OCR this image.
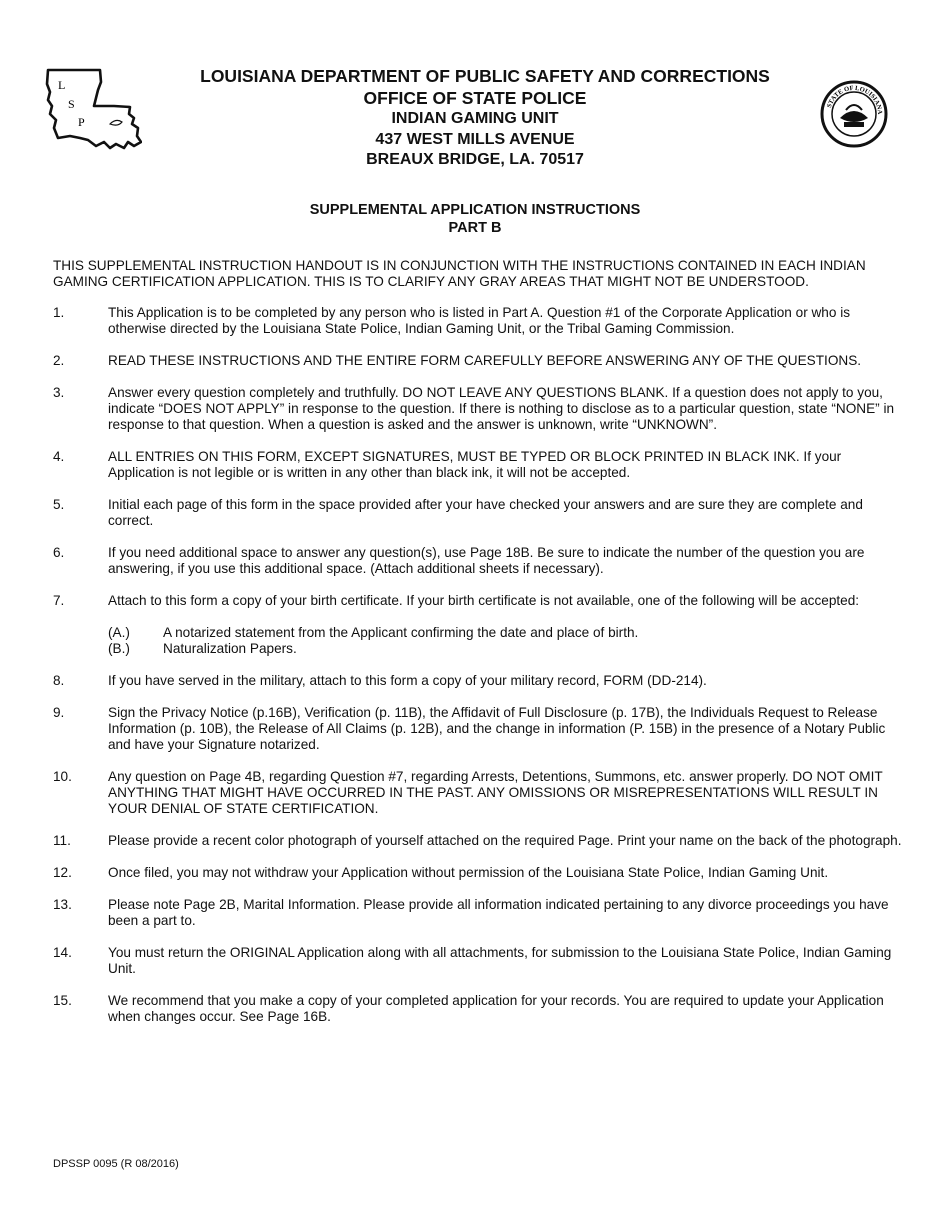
L
S
P
STATE OF LOUISIANA
LOUISIANA DEPARTMENT OF PUBLIC SAFETY AND CORRECTIONS
OFFICE OF STATE POLICE
INDIAN GAMING UNIT
437 WEST MILLS AVENUE
BREAUX BRIDGE, LA. 70517
SUPPLEMENTAL APPLICATION INSTRUCTIONS
PART B
THIS SUPPLEMENTAL INSTRUCTION HANDOUT IS IN CONJUNCTION WITH THE INSTRUCTIONS CONTAINED IN EACH INDIAN GAMING CERTIFICATION APPLICATION. THIS IS TO CLARIFY ANY GRAY AREAS THAT MIGHT NOT BE UNDERSTOOD.
1.	This Application is to be completed by any person who is listed in Part A. Question #1 of the Corporate Application or who is otherwise directed by the Louisiana State Police, Indian Gaming Unit, or the Tribal Gaming Commission.
2.	READ THESE INSTRUCTIONS AND THE ENTIRE FORM CAREFULLY BEFORE ANSWERING ANY OF THE QUESTIONS.
3.	Answer every question completely and truthfully. DO NOT LEAVE ANY QUESTIONS BLANK. If a question does not apply to you, indicate “DOES NOT APPLY” in response to the question. If there is nothing to disclose as to a particular question, state “NONE” in response to that question. When a question is asked and the answer is unknown, write “UNKNOWN”.
4.	ALL ENTRIES ON THIS FORM, EXCEPT SIGNATURES, MUST BE TYPED OR BLOCK PRINTED IN BLACK INK. If your Application is not legible or is written in any other than black ink, it will not be accepted.
5.	Initial each page of this form in the space provided after your have checked your answers and are sure they are complete and correct.
6.	If you need additional space to answer any question(s), use Page 18B. Be sure to indicate the number of the question you are answering, if you use this additional space. (Attach additional sheets if necessary).
7.	Attach to this form a copy of your birth certificate. If your birth certificate is not available, one of the following will be accepted:
(A.)	A notarized statement from the Applicant confirming the date and place of birth.
(B.)	Naturalization Papers.
8.	If you have served in the military, attach to this form a copy of your military record, FORM (DD-214).
9.	Sign the Privacy Notice (p.16B), Verification (p. 11B), the Affidavit of Full Disclosure (p. 17B), the Individuals Request to Release Information (p. 10B), the Release of All Claims (p. 12B), and the change in information (P. 15B) in the presence of a Notary Public and have your Signature notarized.
10.	Any question on Page 4B, regarding Question #7, regarding Arrests, Detentions, Summons, etc. answer properly. DO NOT OMIT ANYTHING THAT MIGHT HAVE OCCURRED IN THE PAST. ANY OMISSIONS OR MISREPRESENTATIONS WILL RESULT IN YOUR DENIAL OF STATE CERTIFICATION.
11.	Please provide a recent color photograph of yourself attached on the required Page. Print your name on the back of the photograph.
12.	Once filed, you may not withdraw your Application without permission of the Louisiana State Police, Indian Gaming Unit.
13.	Please note Page 2B, Marital Information. Please provide all information indicated pertaining to any divorce proceedings you have been a part to.
14.	You must return the ORIGINAL Application along with all attachments, for submission to the Louisiana State Police, Indian Gaming Unit.
15.	We recommend that you make a copy of your completed application for your records. You are required to update your Application when changes occur. See Page 16B.
DPSSP 0095 (R 08/2016)
